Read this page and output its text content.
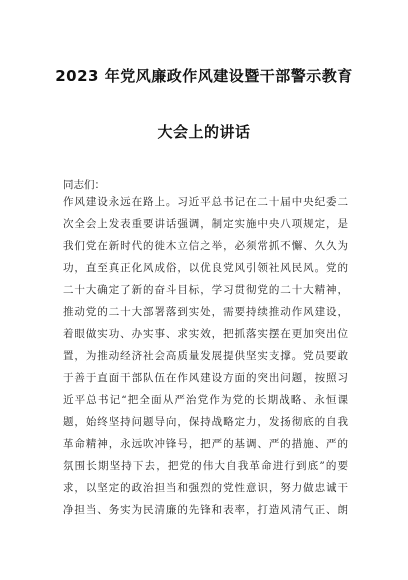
2023 年党风廉政作风建设暨干部警示教育
大会上的讲话
同志们：
作风建设永远在路上。习近平总书记在二十届中央纪委二
次全会上发表重要讲话强调，制定实施中央八项规定，是
我们党在新时代的徙木立信之举，必须常抓不懈、久久为
功，直至真正化风成俗，以优良党风引领社风民风。党的
二十大确定了新的奋斗目标，学习贯彻党的二十大精神，
推动党的二十大部署落到实处，需要持续推动作风建设，
着眼做实功、办实事、求实效，把抓落实摆在更加突出位
置，为推动经济社会高质量发展提供坚实支撑。党员要敢
于善于直面干部队伍在作风建设方面的突出问题，按照习
近平总书记“把全面从严治党作为党的长期战略、永恒课
题，始终坚持问题导向，保持战略定力，发扬彻底的自我
革命精神，永远吹冲锋号，把严的基调、严的措施、严的
氛围长期坚持下去，把党的伟大自我革命进行到底”的要
求，以坚定的政治担当和强烈的党性意识，努力做忠诚干
净担当、务实为民清廉的先锋和表率，打造风清气正、朗
